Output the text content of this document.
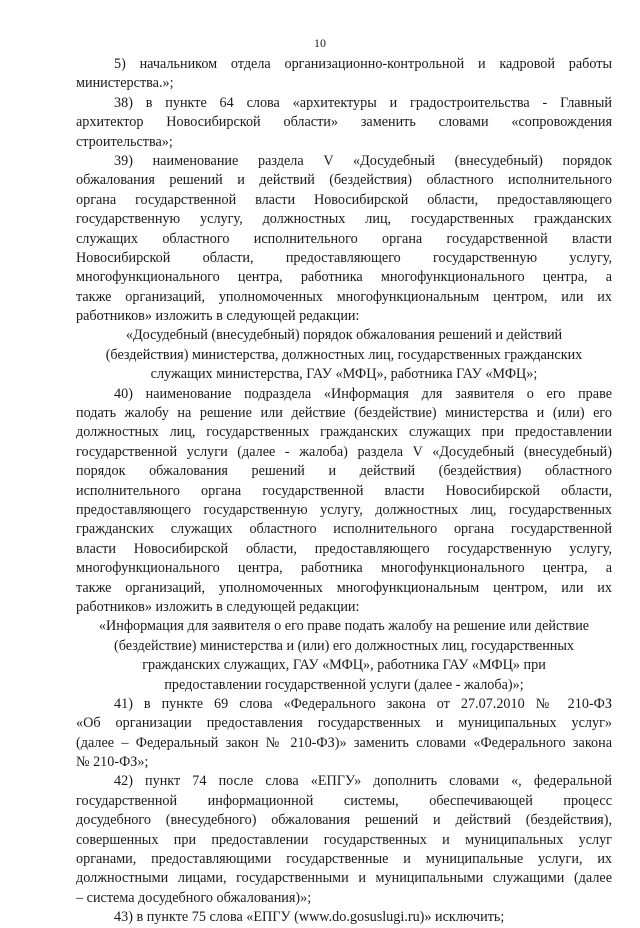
10
5) начальником отдела организационно-контрольной и кадровой работы
министерства.»;
38) в пункте 64 слова «архитектуры и градостроительства - Главный
архитектор Новосибирской области» заменить словами «сопровождения
строительства»;
39) наименование раздела V «Досудебный (внесудебный) порядок
обжалования решений и действий (бездействия) областного исполнительного
органа государственной власти Новосибирской области, предоставляющего
государственную услугу, должностных лиц, государственных гражданских
служащих областного исполнительного органа государственной власти
Новосибирской области, предоставляющего государственную услугу,
многофункционального центра, работника многофункционального центра, а
также организаций, уполномоченных многофункциональным центром, или их
работников» изложить в следующей редакции:
«Досудебный (внесудебный) порядок обжалования решений и действий
(бездействия) министерства, должностных лиц, государственных гражданских
служащих министерства, ГАУ «МФЦ», работника ГАУ «МФЦ»;
40) наименование подраздела «Информация для заявителя о его праве
подать жалобу на решение или действие (бездействие) министерства и (или) его
должностных лиц, государственных гражданских служащих при предоставлении
государственной услуги (далее - жалоба) раздела V «Досудебный (внесудебный)
порядок обжалования решений и действий (бездействия) областного
исполнительного органа государственной власти Новосибирской области,
предоставляющего государственную услугу, должностных лиц, государственных
гражданских служащих областного исполнительного органа государственной
власти Новосибирской области, предоставляющего государственную услугу,
многофункционального центра, работника многофункционального центра, а
также организаций, уполномоченных многофункциональным центром, или их
работников» изложить в следующей редакции:
«Информация для заявителя о его праве подать жалобу на решение или действие
(бездействие) министерства и (или) его должностных лиц, государственных
гражданских служащих, ГАУ «МФЦ», работника ГАУ «МФЦ» при
предоставлении государственной услуги (далее - жалоба)»;
41) в пункте 69 слова «Федерального закона от 27.07.2010 № 210-ФЗ
«Об организации предоставления государственных и муниципальных услуг»
(далее – Федеральный закон № 210-ФЗ)» заменить словами «Федерального закона
№ 210-ФЗ»;
42) пункт 74 после слова «ЕПГУ» дополнить словами «, федеральной
государственной информационной системы, обеспечивающей процесс
досудебного (внесудебного) обжалования решений и действий (бездействия),
совершенных при предоставлении государственных и муниципальных услуг
органами, предоставляющими государственные и муниципальные услуги, их
должностными лицами, государственными и муниципальными служащими (далее
– система досудебного обжалования)»;
43) в пункте 75 слова «ЕПГУ (www.do.gosuslugi.ru)» исключить;
